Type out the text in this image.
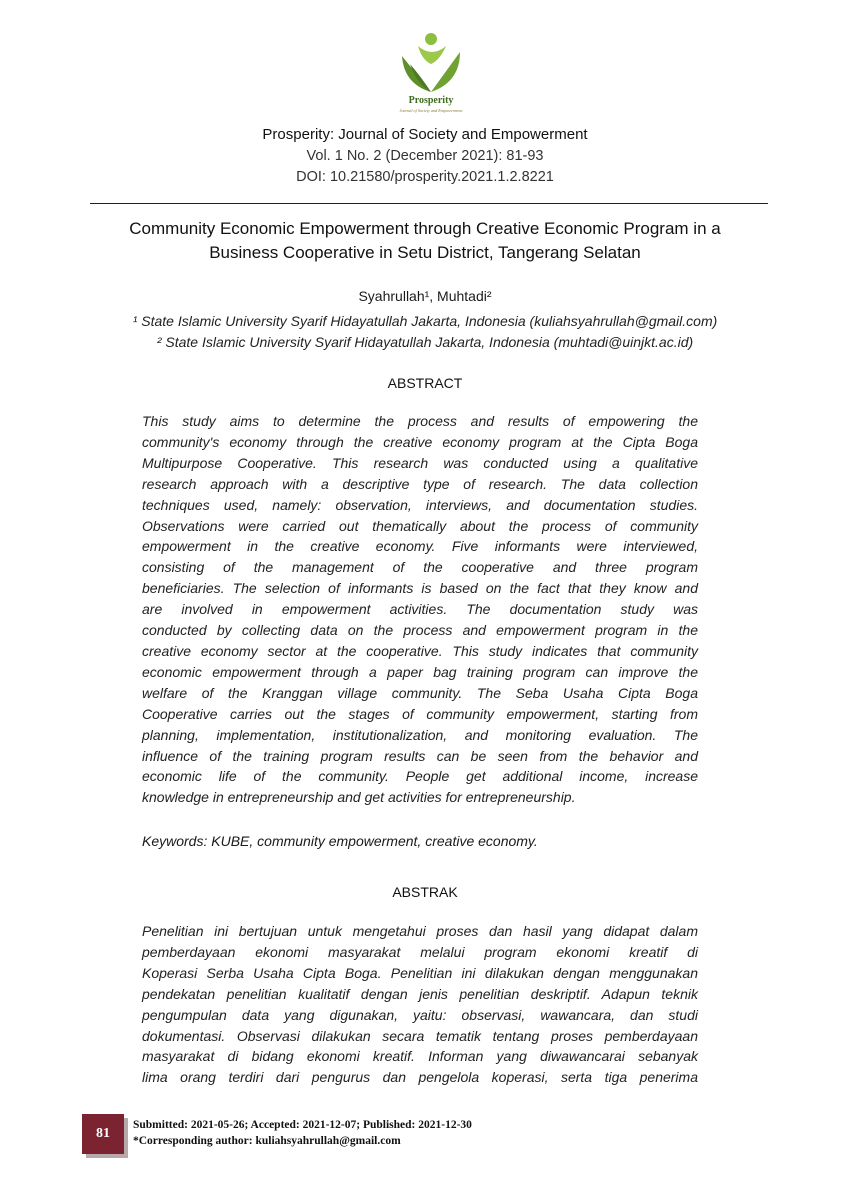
Prosperity
Journal of Society and Empowerment
Prosperity: Journal of Society and Empowerment
Vol. 1 No. 2 (December 2021): 81-93
DOI: 10.21580/prosperity.2021.1.2.8221
Community Economic Empowerment through Creative Economic Program in a
Business Cooperative in Setu District, Tangerang Selatan
Syahrullah¹, Muhtadi²
¹ State Islamic University Syarif Hidayatullah Jakarta, Indonesia (kuliahsyahrullah@gmail.com)
² State Islamic University Syarif Hidayatullah Jakarta, Indonesia (muhtadi@uinjkt.ac.id)
ABSTRACT
This study aims to determine the process and results of empowering the
community's economy through the creative economy program at the Cipta Boga
Multipurpose Cooperative. This research was conducted using a qualitative
research approach with a descriptive type of research. The data collection
techniques used, namely: observation, interviews, and documentation studies.
Observations were carried out thematically about the process of community
empowerment in the creative economy. Five informants were interviewed,
consisting of the management of the cooperative and three program
beneficiaries. The selection of informants is based on the fact that they know and
are involved in empowerment activities. The documentation study was
conducted by collecting data on the process and empowerment program in the
creative economy sector at the cooperative. This study indicates that community
economic empowerment through a paper bag training program can improve the
welfare of the Kranggan village community. The Seba Usaha Cipta Boga
Cooperative carries out the stages of community empowerment, starting from
planning, implementation, institutionalization, and monitoring evaluation. The
influence of the training program results can be seen from the behavior and
economic life of the community. People get additional income, increase
knowledge in entrepreneurship and get activities for entrepreneurship.
Keywords: KUBE, community empowerment, creative economy.
ABSTRAK
Penelitian ini bertujuan untuk mengetahui proses dan hasil yang didapat dalam
pemberdayaan ekonomi masyarakat melalui program ekonomi kreatif di
Koperasi Serba Usaha Cipta Boga. Penelitian ini dilakukan dengan menggunakan
pendekatan penelitian kualitatif dengan jenis penelitian deskriptif. Adapun teknik
pengumpulan data yang digunakan, yaitu: observasi, wawancara, dan studi
dokumentasi. Observasi dilakukan secara tematik tentang proses pemberdayaan
masyarakat di bidang ekonomi kreatif. Informan yang diwawancarai sebanyak
lima orang terdiri dari pengurus dan pengelola koperasi, serta tiga penerima
81
Submitted: 2021-05-26; Accepted: 2021-12-07; Published: 2021-12-30
*Corresponding author: kuliahsyahrullah@gmail.com
